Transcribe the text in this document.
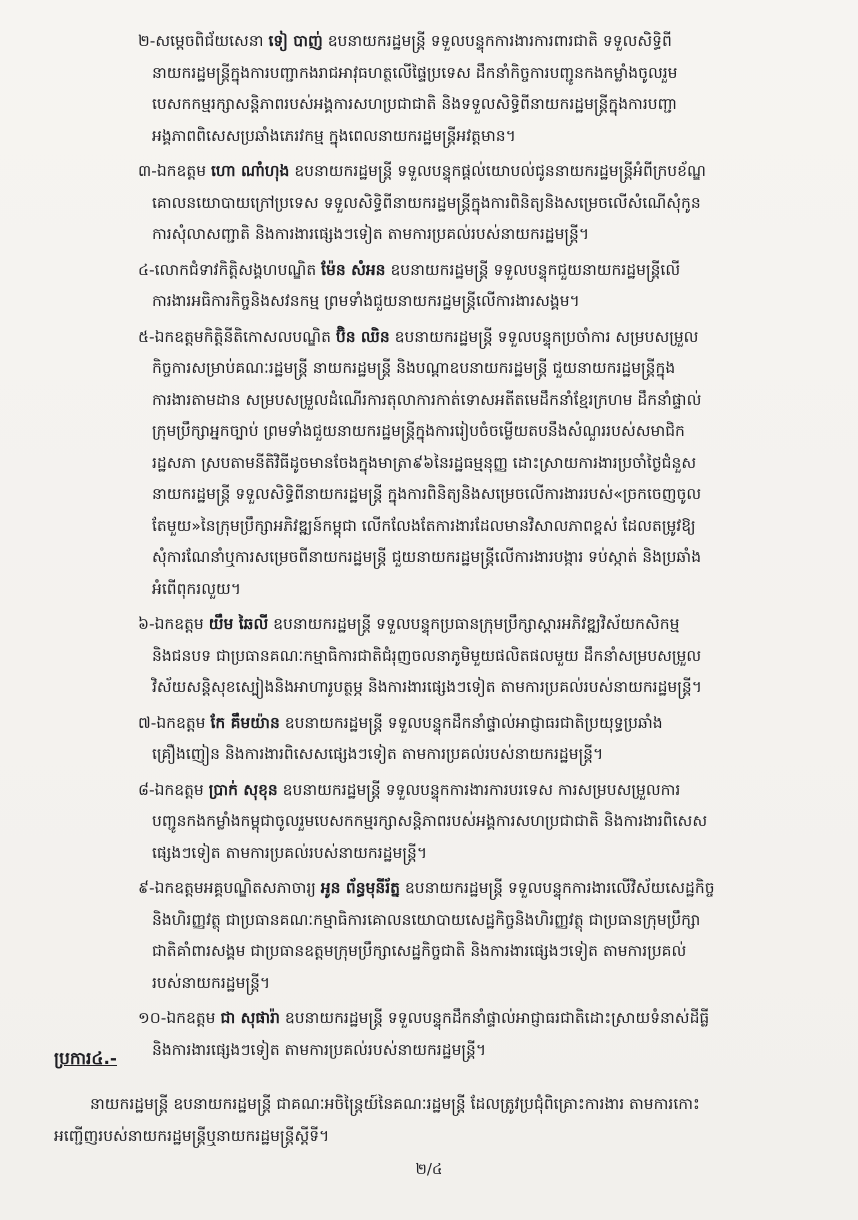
២-សម្ដេចពិជ័យសេនា ទៀ បាញ់ ឧបនាយករដ្ឋមន្ត្រី ទទួលបន្ទុកការងារការពារជាតិ ទទួលសិទ្ធិពី
នាយករដ្ឋមន្ត្រីក្នុងការបញ្ជាកងរាជអាវុធហត្ថលើផ្ទៃប្រទេស ដឹកនាំកិច្ចការបញ្ជូនកងកម្លាំងចូលរួម
បេសកកម្មរក្សាសន្តិភាពរបស់អង្គការសហប្រជាជាតិ និងទទួលសិទ្ធិពីនាយករដ្ឋមន្ត្រីក្នុងការបញ្ជា
អង្គភាពពិសេសប្រឆាំងភេរវកម្ម ក្នុងពេលនាយករដ្ឋមន្ត្រីអវត្តមាន។
៣-ឯកឧត្ដម ហោ ណាំហុង ឧបនាយករដ្ឋមន្ត្រី ទទួលបន្ទុកផ្ដល់យោបល់ជូននាយករដ្ឋមន្ត្រីអំពីក្របខ័ណ្ឌ
គោលនយោបាយក្រៅប្រទេស ទទួលសិទ្ធិពីនាយករដ្ឋមន្ត្រីក្នុងការពិនិត្យនិងសម្រេចលើសំណើសុំកូន
ការសុំលាសញ្ជាតិ និងការងារផ្សេងៗទៀត តាមការប្រគល់របស់នាយករដ្ឋមន្ត្រី។
៤-លោកជំទាវកិត្តិសង្គហបណ្ឌិត ម៉ែន សំអន ឧបនាយករដ្ឋមន្ត្រី ទទួលបន្ទុកជួយនាយករដ្ឋមន្ត្រីលើ
ការងារអធិការកិច្ចនិងសវនកម្ម ព្រមទាំងជួយនាយករដ្ឋមន្ត្រីលើការងារសង្គម។
៥-ឯកឧត្ដមកិត្តិនីតិកោសលបណ្ឌិត ប៊ិន ឈិន ឧបនាយករដ្ឋមន្ត្រី ទទួលបន្ទុកប្រចាំការ សម្របសម្រួល
កិច្ចការសម្រាប់គណៈរដ្ឋមន្ត្រី នាយករដ្ឋមន្ត្រី និងបណ្ដាឧបនាយករដ្ឋមន្ត្រី ជួយនាយករដ្ឋមន្ត្រីក្នុង
ការងារតាមដាន សម្របសម្រួលដំណើរការតុលាការកាត់ទោសអតីតមេដឹកនាំខ្មែរក្រហម ដឹកនាំផ្ទាល់
ក្រុមប្រឹក្សាអ្នកច្បាប់ ព្រមទាំងជួយនាយករដ្ឋមន្ត្រីក្នុងការរៀបចំចម្លើយតបនឹងសំណួររបស់សមាជិក
រដ្ឋសភា ស្របតាមនីតិវិធីដូចមានចែងក្នុងមាត្រា៩៦នៃរដ្ឋធម្មនុញ្ញ ដោះស្រាយការងារប្រចាំថ្ងៃជំនួស
នាយករដ្ឋមន្ត្រី ទទួលសិទ្ធិពីនាយករដ្ឋមន្ត្រី ក្នុងការពិនិត្យនិងសម្រេចលើការងាររបស់«ច្រកចេញចូល
តែមួយ»នៃក្រុមប្រឹក្សាអភិវឌ្ឍន៍កម្ពុជា លើកលែងតែការងារដែលមានវិសាលភាពខ្ពស់ ដែលតម្រូវឱ្យ
សុំការណែនាំឬការសម្រេចពីនាយករដ្ឋមន្ត្រី ជួយនាយករដ្ឋមន្ត្រីលើការងារបង្ការ ទប់ស្កាត់ និងប្រឆាំង
អំពើពុករលួយ។
៦-ឯកឧត្ដម យឹម ឆៃលី ឧបនាយករដ្ឋមន្ត្រី ទទួលបន្ទុកប្រធានក្រុមប្រឹក្សាស្ដារអភិវឌ្ឍវិស័យកសិកម្ម
និងជនបទ ជាប្រធានគណៈកម្មាធិការជាតិជំរុញចលនាភូមិមួយផលិតផលមួយ ដឹកនាំសម្របសម្រួល
វិស័យសន្តិសុខស្បៀងនិងអាហារូបត្ថម្ភ និងការងារផ្សេងៗទៀត តាមការប្រគល់របស់នាយករដ្ឋមន្ត្រី។
៧-ឯកឧត្ដម កែ គឹមយ៉ាន ឧបនាយករដ្ឋមន្ត្រី ទទួលបន្ទុកដឹកនាំផ្ទាល់អាជ្ញាធរជាតិប្រយុទ្ធប្រឆាំង
គ្រឿងញៀន និងការងារពិសេសផ្សេងៗទៀត តាមការប្រគល់របស់នាយករដ្ឋមន្ត្រី។
៨-ឯកឧត្ដម ប្រាក់ សុខុន ឧបនាយករដ្ឋមន្ត្រី ទទួលបន្ទុកការងារការបរទេស ការសម្របសម្រួលការ
បញ្ជូនកងកម្លាំងកម្ពុជាចូលរួមបេសកកម្មរក្សាសន្តិភាពរបស់អង្គការសហប្រជាជាតិ និងការងារពិសេស
ផ្សេងៗទៀត តាមការប្រគល់របស់នាយករដ្ឋមន្ត្រី។
៩-ឯកឧត្ដមអគ្គបណ្ឌិតសភាចារ្យ អូន ព័ន្ធមុនីរ័ត្ន ឧបនាយករដ្ឋមន្ត្រី ទទួលបន្ទុកការងារលើវិស័យសេដ្ឋកិច្ច
និងហិរញ្ញវត្ថុ ជាប្រធានគណៈកម្មាធិការគោលនយោបាយសេដ្ឋកិច្ចនិងហិរញ្ញវត្ថុ ជាប្រធានក្រុមប្រឹក្សា
ជាតិគាំពារសង្គម ជាប្រធានឧត្ដមក្រុមប្រឹក្សាសេដ្ឋកិច្ចជាតិ និងការងារផ្សេងៗទៀត តាមការប្រគល់
របស់នាយករដ្ឋមន្ត្រី។
១០-ឯកឧត្ដម ជា សុផារ៉ា ឧបនាយករដ្ឋមន្ត្រី ទទួលបន្ទុកដឹកនាំផ្ទាល់អាជ្ញាធរជាតិដោះស្រាយទំនាស់ដីធ្លី
និងការងារផ្សេងៗទៀត តាមការប្រគល់របស់នាយករដ្ឋមន្ត្រី។
ប្រការ៤.-
នាយករដ្ឋមន្ត្រី ឧបនាយករដ្ឋមន្ត្រី ជាគណៈអចិន្ត្រៃយ៍នៃគណៈរដ្ឋមន្ត្រី ដែលត្រូវប្រជុំពិគ្រោះការងារ តាមការកោះ
អញ្ជើញរបស់នាយករដ្ឋមន្ត្រីឬនាយករដ្ឋមន្ត្រីស្ដីទី។
២/៤
